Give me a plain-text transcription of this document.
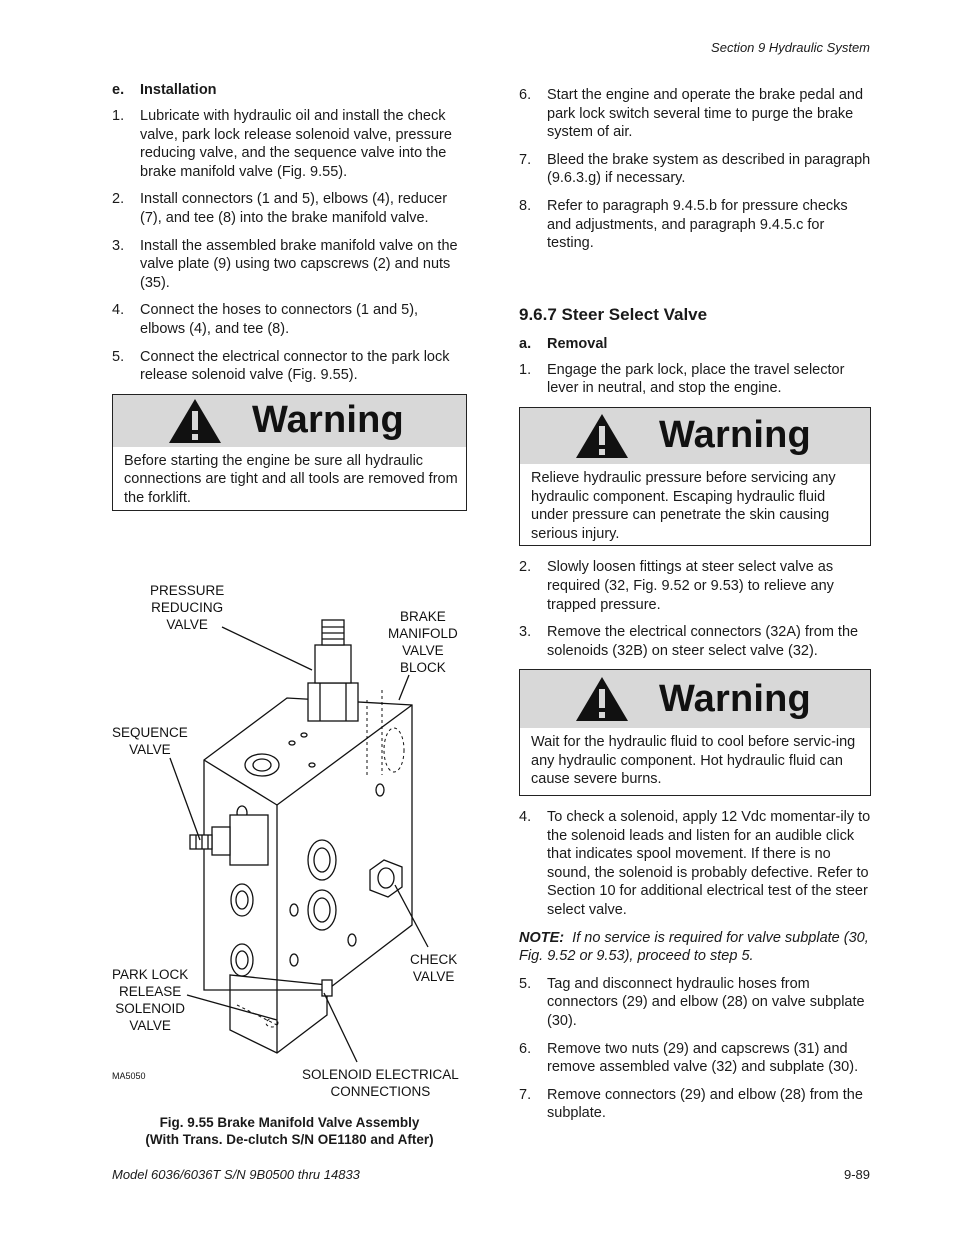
Section 9 Hydraulic System
Model 6036/6036T S/N 9B0500 thru 14833	9-89
e.	Installation
1.	Lubricate with hydraulic oil and install the check valve, park lock release solenoid valve, pressure reducing valve, and the sequence valve into the brake manifold valve (Fig. 9.55).
2.	Install connectors (1 and 5), elbows (4), reducer (7), and tee (8) into the brake manifold valve.
3.	Install the assembled brake manifold valve on the valve plate (9) using two capscrews (2) and nuts (35).
4.	Connect the hoses to connectors (1 and 5), elbows (4), and tee (8).
5.	Connect the electrical connector to the park lock release solenoid valve (Fig. 9.55).
Warning
Before starting the engine be sure all hydraulic connections are tight and all tools are removed from the forklift.
PRESSURE
REDUCING
VALVE
BRAKE
MANIFOLD
VALVE
BLOCK
SEQUENCE
VALVE
CHECK
VALVE
PARK LOCK
RELEASE
SOLENOID
VALVE
SOLENOID ELECTRICAL
CONNECTIONS
MA5050
Fig. 9.55 Brake Manifold Valve Assembly
(With Trans. De-clutch S/N OE1180 and After)
6.	Start the engine and operate the brake pedal and park lock switch several time to purge the brake system of air.
7.	Bleed the brake system as described in paragraph (9.6.3.g) if necessary.
8.	Refer to paragraph 9.4.5.b for pressure checks and adjustments, and paragraph 9.4.5.c for testing.
9.6.7 Steer Select Valve
a.	Removal
1.	Engage the park lock, place the travel selector lever in neutral, and stop the engine.
Warning
Relieve hydraulic pressure before servicing any hydraulic component. Escaping hydraulic fluid under pressure can penetrate the skin causing serious injury.
2.	Slowly loosen fittings at steer select valve as required (32, Fig. 9.52 or 9.53) to relieve any trapped pressure.
3.	Remove the electrical connectors (32A) from the solenoids (32B) on steer select valve (32).
Warning
Wait for the hydraulic fluid to cool before servic-ing any hydraulic component. Hot hydraulic fluid can cause severe burns.
4.	To check a solenoid, apply 12 Vdc momentar-ily to the solenoid leads and listen for an audible click that indicates spool movement. If there is no sound, the solenoid is probably defective. Refer to Section 10 for additional electrical test of the steer select valve.
NOTE: If no service is required for valve subplate (30, Fig. 9.52 or 9.53), proceed to step 5.
5.	Tag and disconnect hydraulic hoses from connectors (29) and elbow (28) on valve subplate (30).
6.	Remove two nuts (29) and capscrews (31) and remove assembled valve (32) and subplate (30).
7.	Remove connectors (29) and elbow (28) from the subplate.
